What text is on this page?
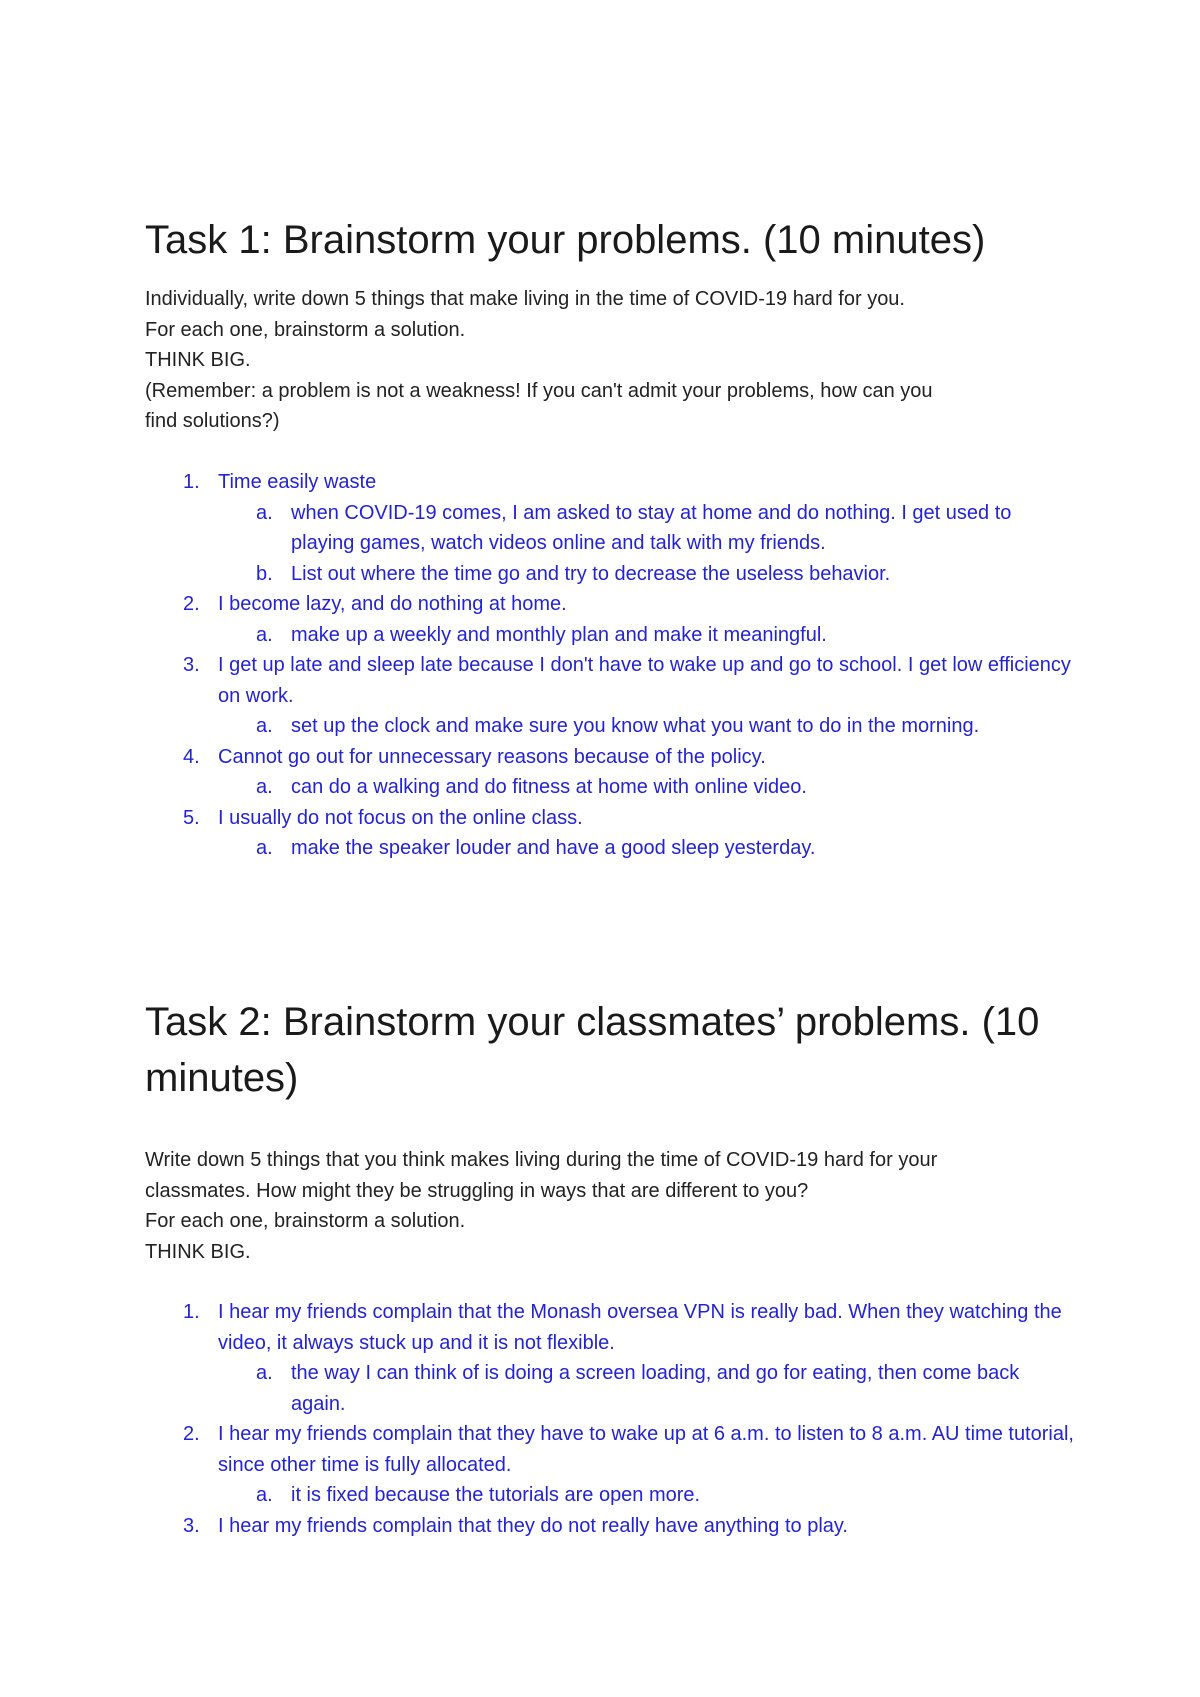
Task 1: Brainstorm your problems. (10 minutes)

Individually, write down 5 things that make living in the time of COVID-19 hard for you.

For each one, brainstorm a solution.

THINK BIG.

(Remember: a problem is not a weakness! If you can't admit your problems, how can you find solutions?)

1. Time easily waste
a. when COVID-19 comes, I am asked to stay at home and do nothing. I get used to playing games, watch videos online and talk with my friends.
b. List out where the time go and try to decrease the useless behavior.
2. I become lazy, and do nothing at home.
a. make up a weekly and monthly plan and make it meaningful.
3. I get up late and sleep late because I don't have to wake up and go to school. I get low efficiency on work.
a. set up the clock and make sure you know what you want to do in the morning.
4. Cannot go out for unnecessary reasons because of the policy.
a. can do a walking and do fitness at home with online video.
5. I usually do not focus on the online class.
a. make the speaker louder and have a good sleep yesterday.
Task 2: Brainstorm your classmates’ problems. (10 minutes)

Write down 5 things that you think makes living during the time of COVID-19 hard for your classmates. How might they be struggling in ways that are different to you?

For each one, brainstorm a solution.

THINK BIG.

1. I hear my friends complain that the Monash oversea VPN is really bad. When they watching the video, it always stuck up and it is not flexible.
a. the way I can think of is doing a screen loading, and go for eating, then come back again.
2. I hear my friends complain that they have to wake up at 6 a.m. to listen to 8 a.m. AU time tutorial, since other time is fully allocated.
a. it is fixed because the tutorials are open more.
3. I hear my friends complain that they do not really have anything to play.
